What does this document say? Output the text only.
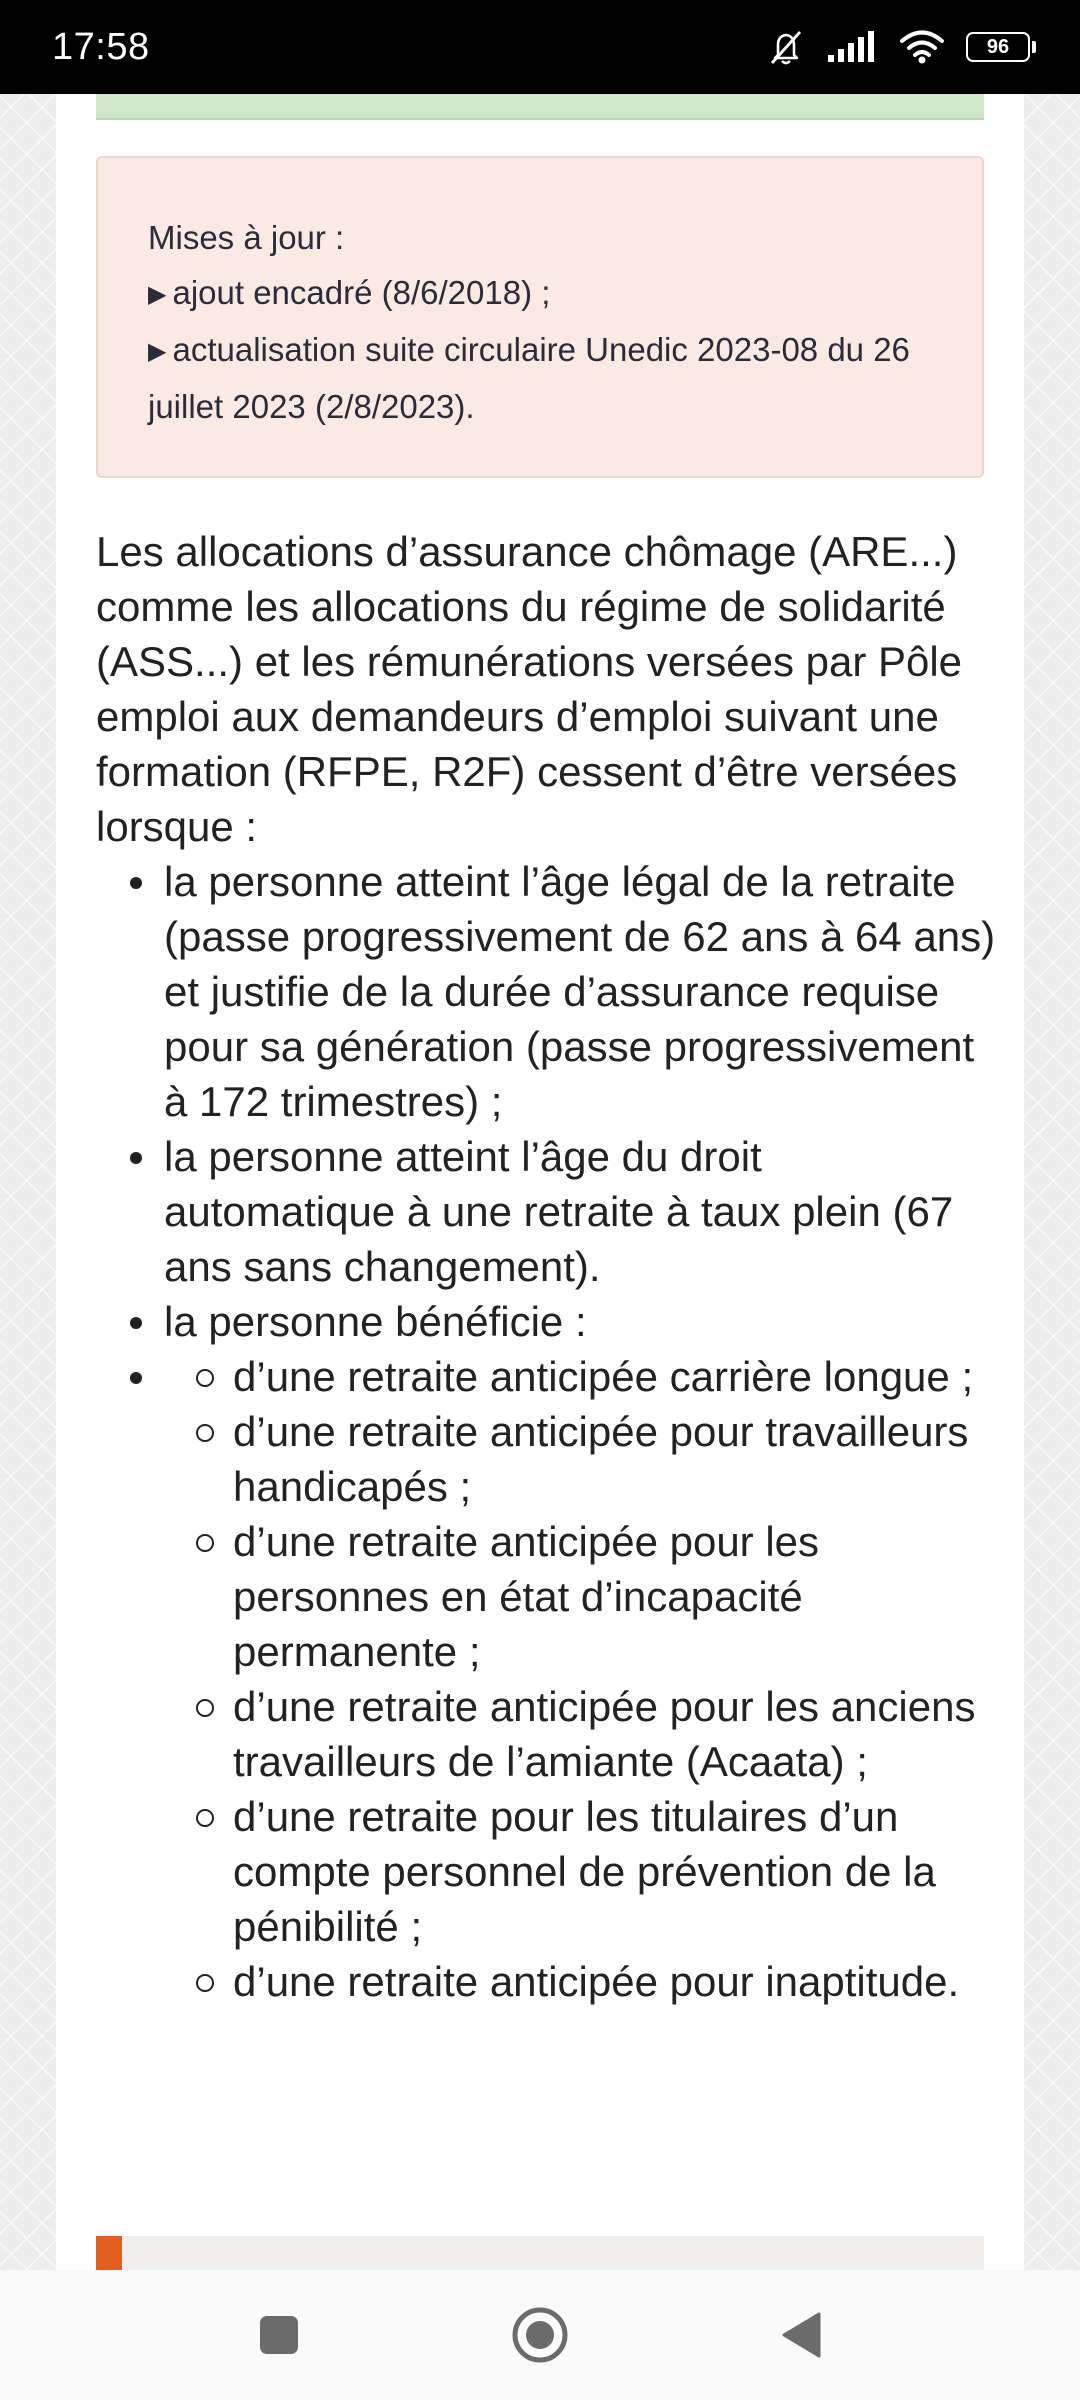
17:58	96
Mises à jour :
▶ ajout encadré (8/6/2018) ;
▶ actualisation suite circulaire Unedic 2023-08 du 26 juillet 2023 (2/8/2023).

Les allocations d’assurance chômage (ARE...) comme les allocations du régime de solidarité (ASS...) et les rémunérations versées par Pôle emploi aux demandeurs d’emploi suivant une formation (RFPE, R2F) cessent d’être versées lorsque :

la personne atteint l’âge légal de la retraite (passe progressivement de 62 ans à 64 ans) et justifie de la durée d’assurance requise pour sa génération (passe progressivement à 172 trimestres) ;
la personne atteint l’âge du droit automatique à une retraite à taux plein (67 ans sans changement).
la personne bénéficie :
d’une retraite anticipée carrière longue ;
d’une retraite anticipée pour travailleurs handicapés ;
d’une retraite anticipée pour les personnes en état d’incapacité permanente ;
d’une retraite anticipée pour les anciens travailleurs de l’amiante (Acaata) ;
d’une retraite pour les titulaires d’un compte personnel de prévention de la pénibilité ;
d’une retraite anticipée pour inaptitude.
